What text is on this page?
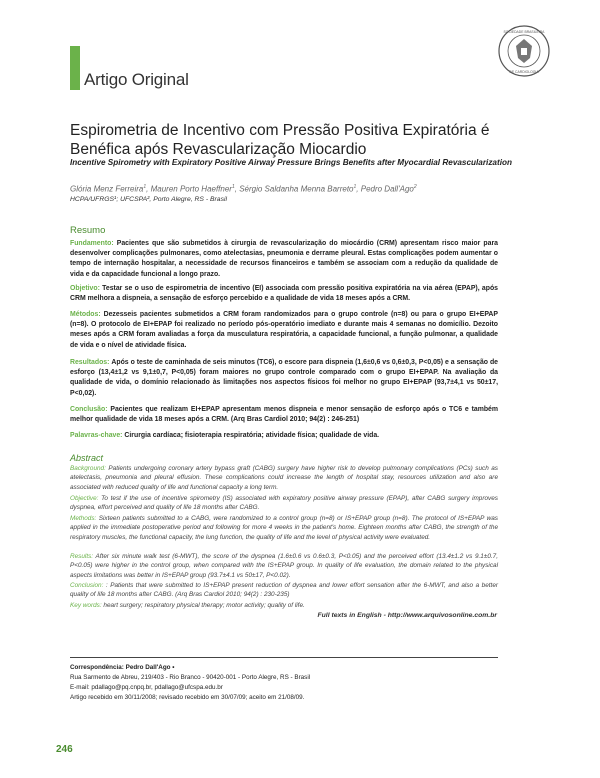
Artigo Original
SOCIEDADE BRASILEIRA
DE CARDIOLOGIA
Espirometria de Incentivo com Pressão Positiva Expiratória é Benéfica após Revascularização Miocardio
Incentive Spirometry with Expiratory Positive Airway Pressure Brings Benefits after Myocardial Revascularization
Glória Menz Ferreira$^1$, Mauren Porto Haeffner$^1$, Sérgio Saldanha Menna Barreto$^1$, Pedro Dall'Ago$^2$
HCPA/UFRGS¹; UFCSPA², Porto Alegre, RS - Brasil
Resumo
Fundamento: Pacientes que são submetidos à cirurgia de revascularização do miocárdio (CRM) apresentam risco maior para desenvolver complicações pulmonares, como atelectasias, pneumonia e derrame pleural. Estas complicações podem aumentar o tempo de internação hospitalar, a necessidade de recursos financeiros e também se associam com a redução da qualidade de vida e da capacidade funcional a longo prazo.
Objetivo: Testar se o uso de espirometria de incentivo (EI) associada com pressão positiva expiratória na via aérea (EPAP), após CRM melhora a dispneia, a sensação de esforço percebido e a qualidade de vida 18 meses após a CRM.
Métodos: Dezesseis pacientes submetidos a CRM foram randomizados para o grupo controle (n=8) ou para o grupo EI+EPAP (n=8). O protocolo de EI+EPAP foi realizado no período pós-operatório imediato e durante mais 4 semanas no domicílio. Dezoito meses após a CRM foram avaliadas a força da musculatura respiratória, a capacidade funcional, a função pulmonar, a qualidade de vida e o nível de atividade física.
Resultados: Após o teste de caminhada de seis minutos (TC6), o escore para dispneia (1,6±0,6 vs 0,6±0,3, P<0,05) e a sensação de esforço (13,4±1,2 vs 9,1±0,7, P<0,05) foram maiores no grupo controle comparado com o grupo EI+EPAP. Na avaliação da qualidade de vida, o domínio relacionado às limitações nos aspectos físicos foi melhor no grupo EI+EPAP (93,7±4,1 vs 50±17, P<0,02).
Conclusão: Pacientes que realizam EI+EPAP apresentam menos dispneia e menor sensação de esforço após o TC6 e também melhor qualidade de vida 18 meses após a CRM. (Arq Bras Cardiol 2010; 94(2) : 246-251)
Palavras-chave: Cirurgia cardíaca; fisioterapia respiratória; atividade física; qualidade de vida.
Abstract
Background: Patients undergoing coronary artery bypass graft (CABG) surgery have higher risk to develop pulmonary complications (PCs) such as atelectasis, pneumonia and pleural effusion. These complications could increase the length of hospital stay, resources utilization and also are associated with reduced quality of life and functional capacity a long term.
Objective: To test if the use of incentive spirometry (IS) associated with expiratory positive airway pressure (EPAP), after CABG surgery improves dyspnea, effort perceived and quality of life 18 months after CABG.
Methods: Sixteen patients submitted to a CABG, were randomized to a control group (n=8) or IS+EPAP group (n=8). The protocol of IS+EPAP was applied in the immediate postoperative period and following for more 4 weeks in the patient's home. Eighteen months after CABG, the strength of the respiratory muscles, the functional capacity, the lung function, the quality of life and the level of physical activity were evaluated.
Results: After six minute walk test (6-MWT), the score of the dyspnea (1.6±0.6 vs 0.6±0.3, P<0.05) and the perceived effort (13.4±1.2 vs 9.1±0.7, P<0.05) were higher in the control group, when compared with the IS+EPAP group. In quality of life evaluation, the domain related to the physical aspects limitations was better in IS+EPAP group (93.7±4.1 vs 50±17, P<0.02).
Conclusion: : Patients that were submitted to IS+EPAP present reduction of dyspnea and lower effort sensation after the 6-MWT, and also a better quality of life 18 months after CABG. (Arq Bras Cardiol 2010; 94(2) : 230-235)
Key words: heart surgery; respiratory physical therapy; motor activity; quality of life.
Full texts in English - http://www.arquivosonline.com.br
Correspondência: Pedro Dall'Ago •
Rua Sarmento de Abreu, 219/403 - Rio Branco - 90420-001 - Porto Alegre, RS - Brasil
E-mail: pdallago@pq.cnpq.br, pdallago@ufcspa.edu.br
Artigo recebido em 30/11/2008; revisado recebido em 30/07/09; aceito em 21/08/09.
246
